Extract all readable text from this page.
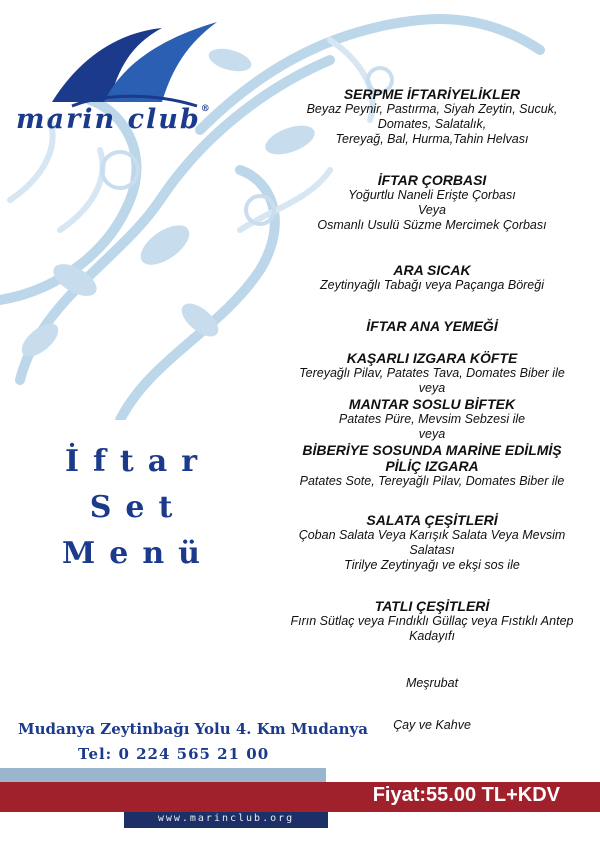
marin club®
İftar
Set
Menü
SERPME İFTARİYELİKLER
Beyaz Peynir, Pastırma, Siyah Zeytin, Sucuk,
Domates, Salatalık,
Tereyağ, Bal, Hurma,Tahin Helvası
İFTAR ÇORBASI
Yoğurtlu Naneli Erişte Çorbası
Veya
Osmanlı Usulü Süzme Mercimek Çorbası
ARA SICAK
Zeytinyağlı Tabağı veya Paçanga Böreği
İFTAR ANA YEMEĞİ
KAŞARLI IZGARA KÖFTE
Tereyağlı Pilav, Patates Tava, Domates Biber ile
veya
MANTAR SOSLU BİFTEK
Patates Püre, Mevsim Sebzesi ile
veya
BİBERİYE SOSUNDA MARİNE EDİLMİŞ
PİLİÇ IZGARA
Patates Sote, Tereyağlı Pilav, Domates Biber ile
SALATA ÇEŞİTLERİ
Çoban Salata Veya Karışık Salata Veya Mevsim
Salatası
Tirilye Zeytinyağı ve ekşi sos ile
TATLI ÇEŞİTLERİ
Fırın Sütlaç veya Fındıklı Güllaç veya Fıstıklı Antep
Kadayıfı
Meşrubat
Çay ve Kahve
Mudanya Zeytinbağı Yolu 4. Km Mudanya
Tel: 0 224 565 21 00
Fiyat:55.00 TL+KDV
www.marinclub.org
